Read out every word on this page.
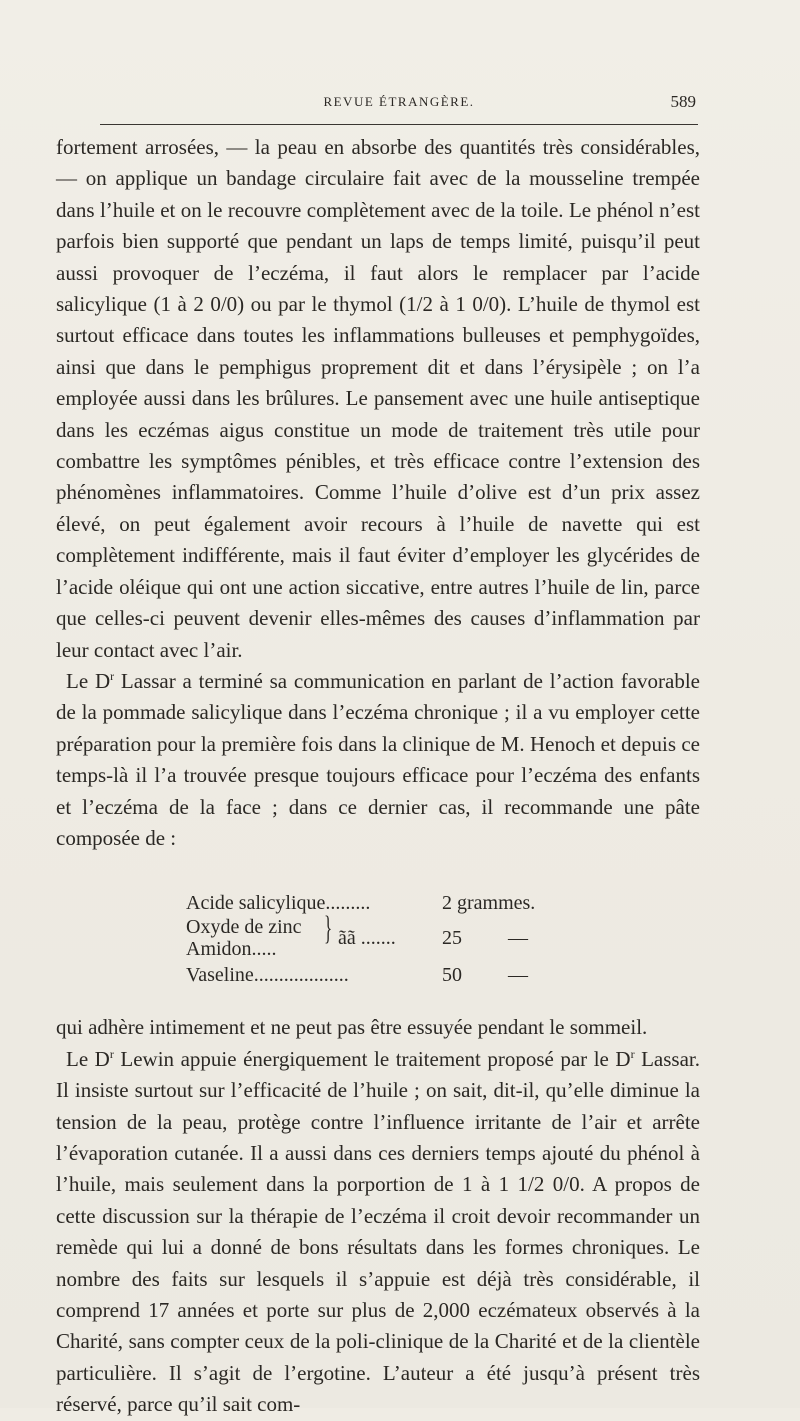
REVUE ÉTRANGÈRE.	589

fortement arrosées, — la peau en absorbe des quantités très considérables, — on applique un bandage circulaire fait avec de la mousseline trempée dans l’huile et on le recouvre complètement avec de la toile. Le phénol n’est parfois bien supporté que pendant un laps de temps limité, puisqu’il peut aussi provoquer de l’eczéma, il faut alors le remplacer par l’acide salicylique (1 à 2 0/0) ou par le thymol (1/2 à 1 0/0). L’huile de thymol est surtout efficace dans toutes les inflammations bulleuses et pemphygoïdes, ainsi que dans le pemphigus proprement dit et dans l’érysipèle ; on l’a employée aussi dans les brûlures. Le pansement avec une huile antiseptique dans les eczémas aigus constitue un mode de traitement très utile pour combattre les symptômes pénibles, et très efficace contre l’extension des phénomènes inflammatoires. Comme l’huile d’olive est d’un prix assez élevé, on peut également avoir recours à l’huile de navette qui est complètement indifférente, mais il faut éviter d’employer les glycérides de l’acide oléique qui ont une action siccative, entre autres l’huile de lin, parce que celles-ci peuvent devenir elles-mêmes des causes d’inflammation par leur contact avec l’air.

Le $D^r$ Lassar a terminé sa communication en parlant de l’action favorable de la pommade salicylique dans l’eczéma chronique ; il a vu employer cette préparation pour la première fois dans la clinique de M. Henoch et depuis ce temps-là il l’a trouvée presque toujours efficace pour l’eczéma des enfants et l’eczéma de la face ; dans ce dernier cas, il recommande une pâte composée de :

Acide salicylique.........	2 grammes.
Oxyde de zinc
Amidon.....
} ãã ....... 25 —
Vaseline...................	50 —

qui adhère intimement et ne peut pas être essuyée pendant le sommeil.

Le $D^r$ Lewin appuie énergiquement le traitement proposé par le $D^r$ Lassar. Il insiste surtout sur l’efficacité de l’huile ; on sait, dit-il, qu’elle diminue la tension de la peau, protège contre l’influence irritante de l’air et arrête l’évaporation cutanée. Il a aussi dans ces derniers temps ajouté du phénol à l’huile, mais seulement dans la porportion de 1 à 1 1/2 0/0. A propos de cette discussion sur la thérapie de l’eczéma il croit devoir recommander un remède qui lui a donné de bons résultats dans les formes chroniques. Le nombre des faits sur lesquels il s’appuie est déjà très considérable, il comprend 17 années et porte sur plus de 2,000 eczémateux observés à la Charité, sans compter ceux de la poli-clinique de la Charité et de la clientèle particulière. Il s’agit de l’ergotine. L’auteur a été jusqu’à présent très réservé, parce qu’il sait com-
